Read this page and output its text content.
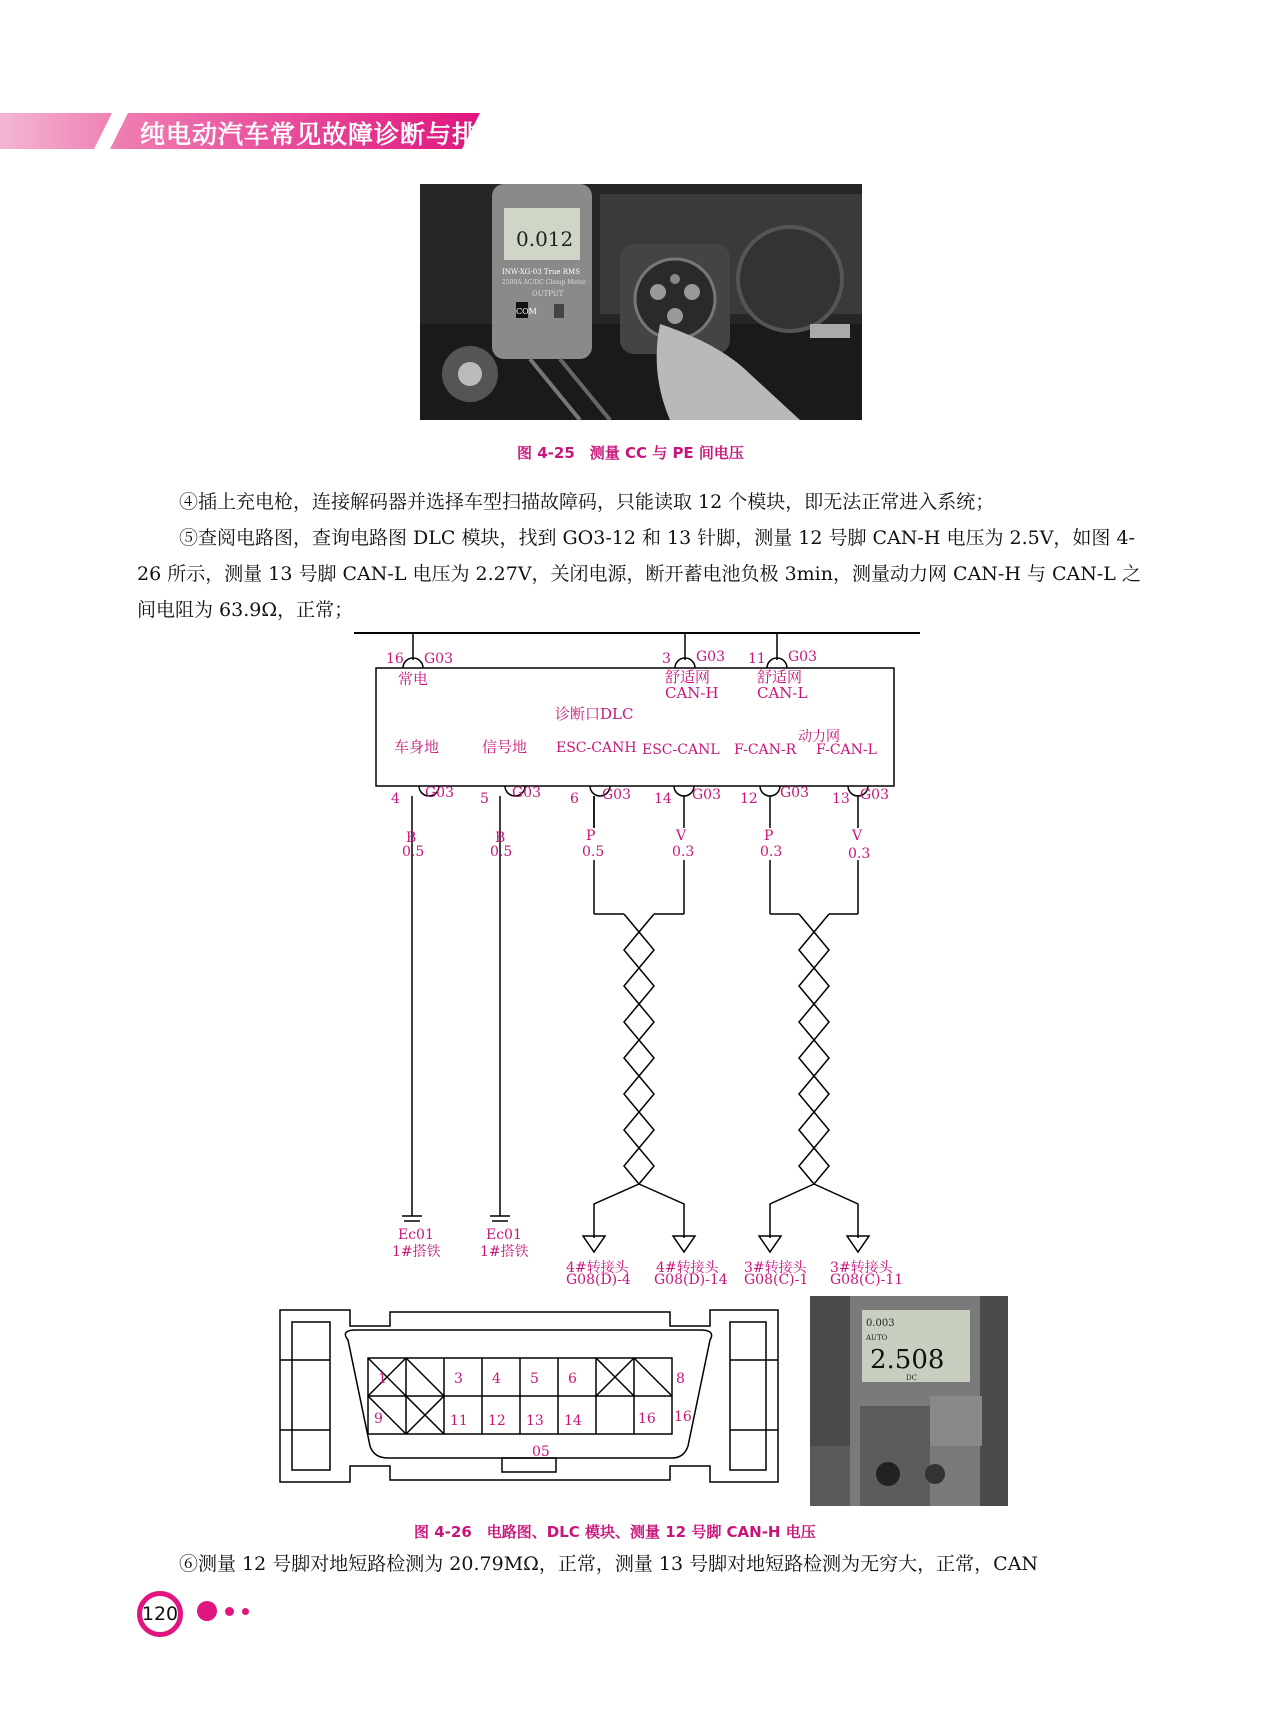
纯电动汽车常见故障诊断与排除
0.012
INW-XG-03 True RMS
2500A AC/DC Clamp Meter
OUTPUT
COM
图 4-25　测量 CC 与 PE 间电压

④插上充电枪，连接解码器并选择车型扫描故障码，只能读取 12 个模块，即无法正常进入系统；

⑤查阅电路图，查询电路图 DLC 模块，找到 GO3-12 和 13 针脚，测量 12 号脚 CAN-H 电压为 2.5V，如图 4-26 所示，测量 13 号脚 CAN-L 电压为 2.27V，关闭电源，断开蓄电池负极 3min，测量动力网 CAN-H 与 CAN-L 之间电阻为 63.9Ω，正常；

16 G03
常电
3 G03
舒适网
CAN-H
11 G03
舒适网
CAN-L
诊断口DLC
动力网
车身地
4 G03
信号地
5 G03
ESC-CANH
6 G03
ESC-CANL
14 G03
F-CAN-R
12 G03
F-CAN-L
13 G03
B
0.5
Ec01
1#搭铁
B
0.5
Ec01
1#搭铁
P
0.5
V
0.3
4#转接头 4#转接头
P
0.3
V
0.3
3#转接头 3#转接头
G08(D)-4 G08(D)-14 G08(C)-1 G08(C)-11
1	3 4 5 6	8
9	11 12 13 14	16 16
05
0.003
AUTO
2.508
DC
图 4-26　电路图、DLC 模块、测量 12 号脚 CAN-H 电压

⑥测量 12 号脚对地短路检测为 20.79MΩ，正常，测量 13 号脚对地短路检测为无穷大，正常，CAN

120
